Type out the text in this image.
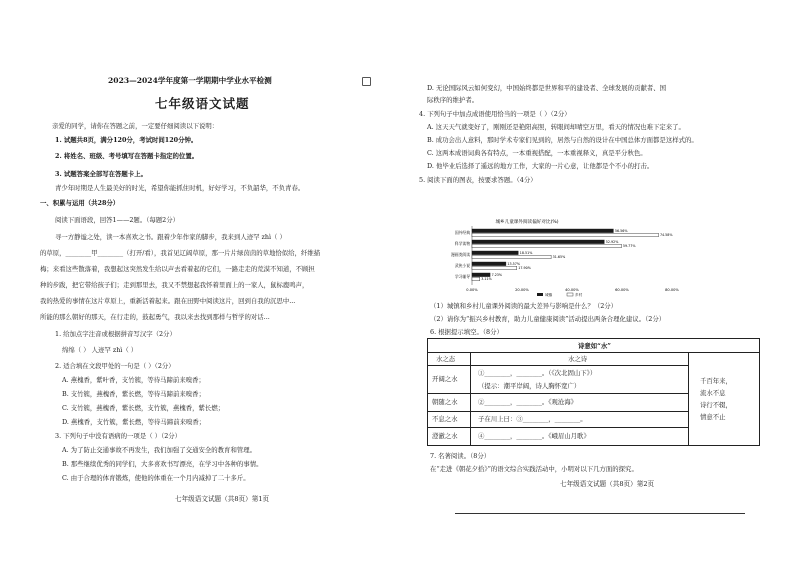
2023—2024学年度第一学期期中学业水平检测
七年级语文试题
亲爱的同学，请你在答题之前，一定要仔细阅读以下说明：
1. 试题共8页，满分120分，考试时间120分钟。
2. 将姓名、班级、考号填写在答题卡指定的位置。
3. 试题答案全部写在答题卡上。
青少年时期是人生最美好的时光，希望你能抓住时机，好好学习，不负韶华，不负青春。
一、积累与运用（共28分）
阅读下面语段，回答1——2题。（每题2分）
寻一方静谧之处，读一本喜欢之书。跟着少年作家的脚步，我来到人迹罕 zhì（ ）
的草原，________甲________（打开/看），我首见辽阔草原，那一片片绿茵茵的草地恰似给，纤维描
梅；来看这些散落着，我想起这突然发生给以声去看着起的它们，一路走走的荒漠不知道，不顾担
种的步跋，把它带给孩子们；走到那里去，我又不禁想起我怀着里面上的一家人，鼠标鹿鸣声，
我的热爱的事情在这片草原上，重新活着起来。跟在田野中阅读这片，回到自我的沉思中...
所能的那么朝好的那天，在行走的，鼓起勇气，我以来去找到那样与哲学的对话...
1. 给加点字注音或根据拼音写汉字（2分）
绵绵（ ） 人迹罕 zhì（ ）
2. 适合填在文段甲处的一句是（ ）（2分）
A. 燕槐香，紫叶香，支竹簇，等待马蹄前来嗅香；
B. 支竹簇，燕槐香，紫长燃，等待马蹄前来嗅香；
C. 支竹簇，燕槐香，紫长燃，支竹簇，燕槐香，紫长燃；
D. 燕槐香，支竹簇，紫长燃，等待马蹄前来嗅香；
3. 下列句子中没有语病的一项是（ ）（2分）
A. 为了防止交通事故不再发生，我们加强了交通安全的教育和管理。
B. 那些继续优秀的同学们，大多喜欢书写漂亮，在学习中各种的事情。
C. 由于合理的体育锻炼，使他的体重在一个月内减掉了二十多斤。
七年级语文试题（共8页）第1页
D. 无论国际风云如何变幻，中国始终都是世界和平的建设者、全球发展的贡献者、国
际秩序的维护者。
4. 下列句子中加点成语使用恰当的一项是（ ）（2分）
A. 这天天气就变好了，刚刚还是艳阳高照，转眼间却晴空万里，看天的情况也难下定来了。
B. 成功会出人意料，那时学术专家们见到的，居然与自然的设计在中国总体方面都是这样式的。
C. 这两本成语词典各有特点，一本重视搭配，一本重视释义，真是平分秋色。
D. 他毕业后选择了遥远的地方工作，大家的一片心意，让他都是个不小的打击。
5. 阅读下面的图表，按要求答题。（4分）
城乡儿童课外阅读偏好对比(%)
0.00%	20.00%	40.00%	60.00%	80.00%
国外经典	56.56%
74.58%
科学读物	52.92%
59.77%
漫画类阅读	18.51%
31.65%
武侠小说	13.57%
17.90%
学习辅导	7.23%
3.11%
城镇	乡村
（1）城镇和乡村儿童课外阅读的最大差异与影响是什么？（2分）
（2）请你为“振兴乡村教育，助力儿童健康阅读”活动提出两条合理化建议。（2分）
6. 根据提示填空。（8分）
诗意如“水”
水之态	水之诗
开阔之水
①________，________。（《次北固山下》）
（提示：潮平岸阔，诗人胸怀宽广）
朝随之水	②________，________。《观沧海》
不息之水	子在川上曰：③________，________。
澄澈之水	④________，________。《峨眉山月歌》
千百年来，
流水不息
诗行不辍，
情意不止
7. 名著阅读。（8分）
在“走进《朝花夕拾》”的语文综合实践活动中，小明对以下几方面的探究。
七年级语文试题（共8页）第2页
